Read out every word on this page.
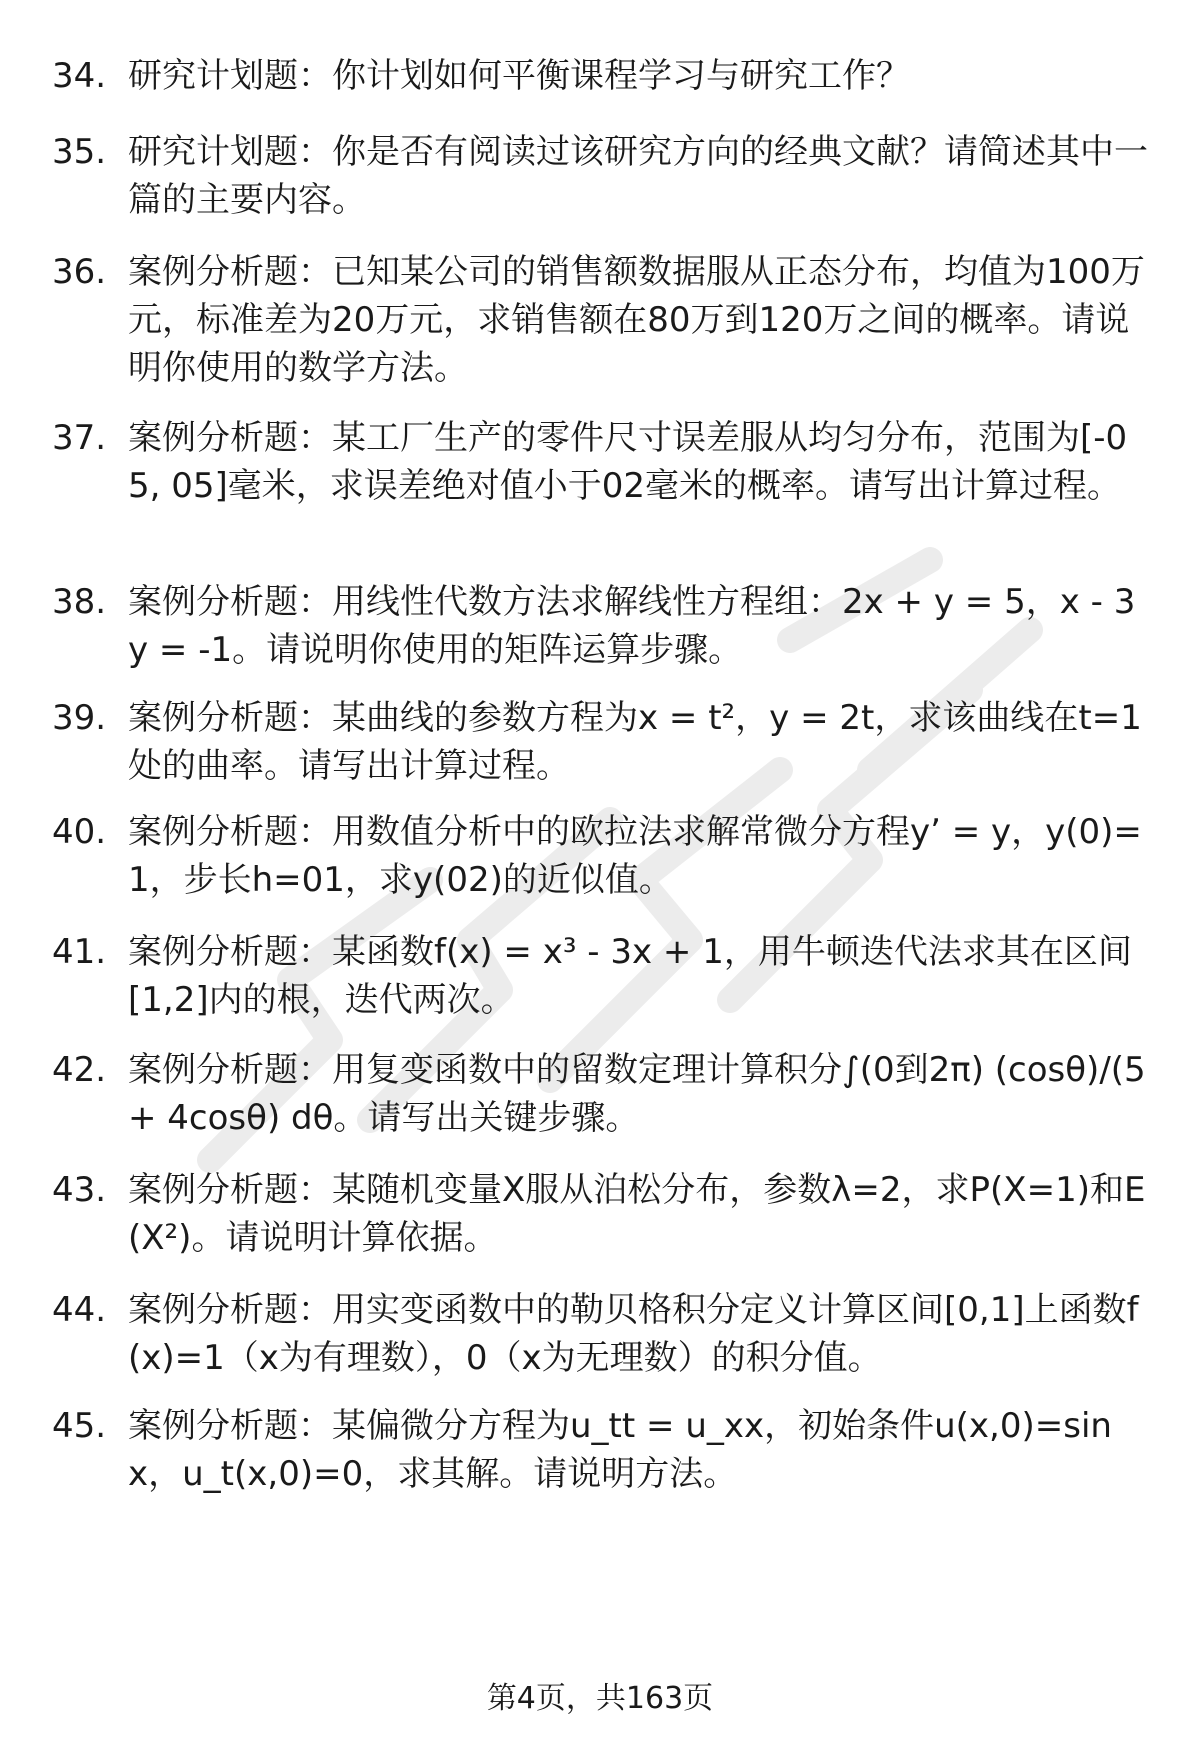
34. 研究计划题：你计划如何平衡课程学习与研究工作？
35. 研究计划题：你是否有阅读过该研究方向的经典文献？请简述其中一篇的主要内容。
36. 案例分析题：已知某公司的销售额数据服从正态分布，均值为100万元，标准差为20万元，求销售额在80万到120万之间的概率。请说明你使用的数学方法。
37. 案例分析题：某工厂生产的零件尺寸误差服从均匀分布，范围为[-05, 05]毫米，求误差绝对值小于02毫米的概率。请写出计算过程。
38. 案例分析题：用线性代数方法求解线性方程组：2x + y = 5，x - 3y = -1。请说明你使用的矩阵运算步骤。
39. 案例分析题：某曲线的参数方程为x = t²，y = 2t，求该曲线在t=1处的曲率。请写出计算过程。
40. 案例分析题：用数值分析中的欧拉法求解常微分方程y’ = y，y(0)=1，步长h=01，求y(02)的近似值。
41. 案例分析题：某函数f(x) = x³ - 3x + 1，用牛顿迭代法求其在区间[1,2]内的根，迭代两次。
42. 案例分析题：用复变函数中的留数定理计算积分∫(0到2π) (cosθ)/(5 + 4cosθ) dθ。请写出关键步骤。
43. 案例分析题：某随机变量X服从泊松分布，参数λ=2，求P(X=1)和E(X²)。请说明计算依据。
44. 案例分析题：用实变函数中的勒贝格积分定义计算区间[0,1]上函数f(x)=1（x为有理数），0（x为无理数）的积分值。
45. 案例分析题：某偏微分方程为u_tt = u_xx，初始条件u(x,0)=sinx，u_t(x,0)=0，求其解。请说明方法。
第4页，共163页
